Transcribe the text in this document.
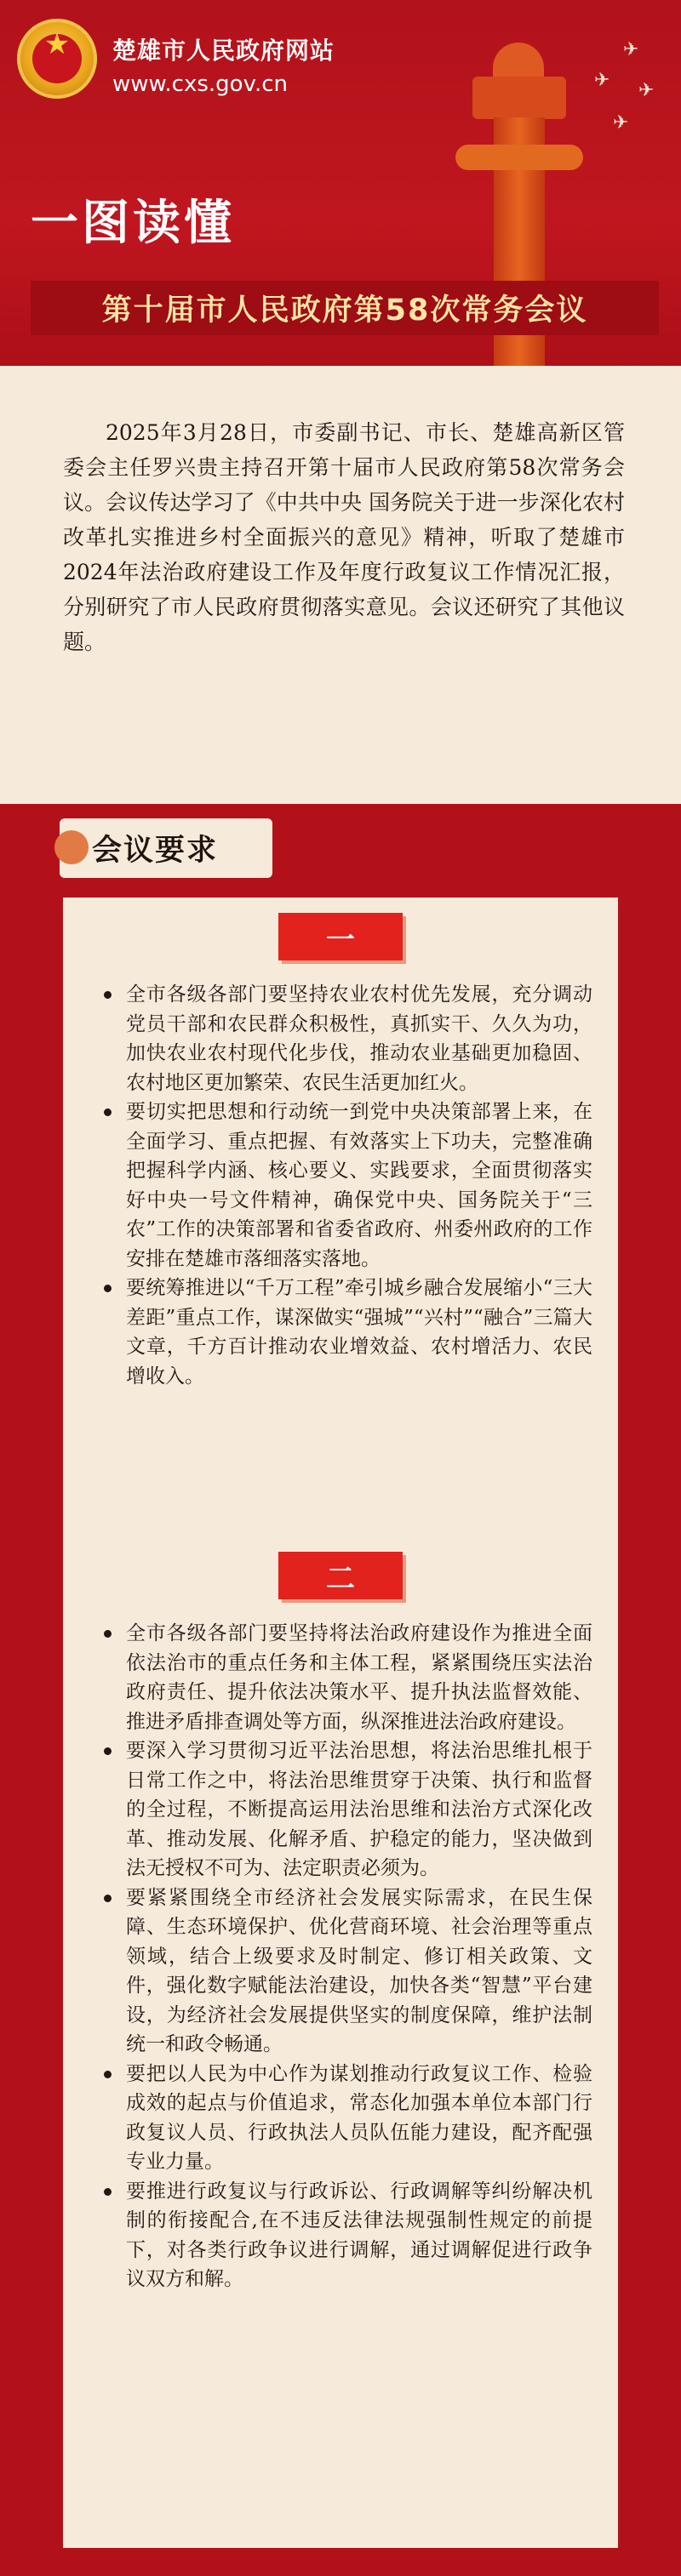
★	楚雄市人民政府网站
www.cxs.gov.cn
✈
✈ ✈
✈
一图读懂
第十届市人民政府第58次常务会议
2025年3月28日，市委副书记、市长、楚雄高新区管委会主任罗兴贵主持召开第十届市人民政府第58次常务会议。会议传达学习了《中共中央 国务院关于进一步深化农村改革扎实推进乡村全面振兴的意见》精神，听取了楚雄市2024年法治政府建设工作及年度行政复议工作情况汇报，分别研究了市人民政府贯彻落实意见。会议还研究了其他议题。
会议要求
一
全市各级各部门要坚持农业农村优先发展，充分调动党员干部和农民群众积极性，真抓实干、久久为功，加快农业农村现代化步伐，推动农业基础更加稳固、农村地区更加繁荣、农民生活更加红火。
要切实把思想和行动统一到党中央决策部署上来，在全面学习、重点把握、有效落实上下功夫，完整准确把握科学内涵、核心要义、实践要求，全面贯彻落实好中央一号文件精神，确保党中央、国务院关于“三农”工作的决策部署和省委省政府、州委州政府的工作安排在楚雄市落细落实落地。
要统筹推进以“千万工程”牵引城乡融合发展缩小“三大差距”重点工作，谋深做实“强城”“兴村”“融合”三篇大文章，千方百计推动农业增效益、农村增活力、农民增收入。
二
全市各级各部门要坚持将法治政府建设作为推进全面依法治市的重点任务和主体工程，紧紧围绕压实法治政府责任、提升依法决策水平、提升执法监督效能、推进矛盾排查调处等方面，纵深推进法治政府建设。
要深入学习贯彻习近平法治思想，将法治思维扎根于日常工作之中，将法治思维贯穿于决策、执行和监督的全过程，不断提高运用法治思维和法治方式深化改革、推动发展、化解矛盾、护稳定的能力，坚决做到法无授权不可为、法定职责必须为。
要紧紧围绕全市经济社会发展实际需求，在民生保障、生态环境保护、优化营商环境、社会治理等重点领域，结合上级要求及时制定、修订相关政策、文件，强化数字赋能法治建设，加快各类“智慧”平台建设，为经济社会发展提供坚实的制度保障，维护法制统一和政令畅通。
要把以人民为中心作为谋划推动行政复议工作、检验成效的起点与价值追求，常态化加强本单位本部门行政复议人员、行政执法人员队伍能力建设，配齐配强专业力量。
要推进行政复议与行政诉讼、行政调解等纠纷解决机制的衔接配合,在不违反法律法规强制性规定的前提下，对各类行政争议进行调解，通过调解促进行政争议双方和解。
